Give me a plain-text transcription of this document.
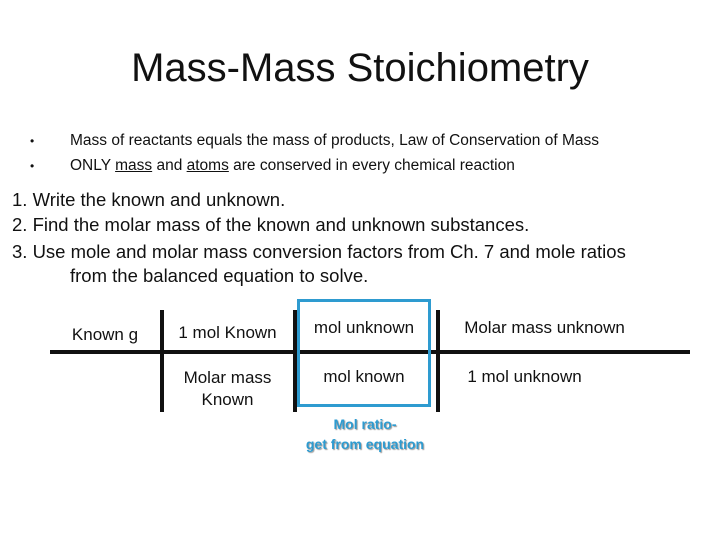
Mass-Mass Stoichiometry
• Mass of reactants equals the mass of products, Law of Conservation of Mass
• ONLY mass and atoms are conserved in every chemical reaction
1. Write the known and unknown.
2. Find the molar mass of the known and unknown substances.
3. Use mole and molar mass conversion factors from Ch. 7 and mole ratios
from the balanced equation to solve.
Known g	1 mol Known
Molar mass
Known
mol unknown
mol known
Molar mass unknown
1 mol unknown
Mol ratio-
get from equation
